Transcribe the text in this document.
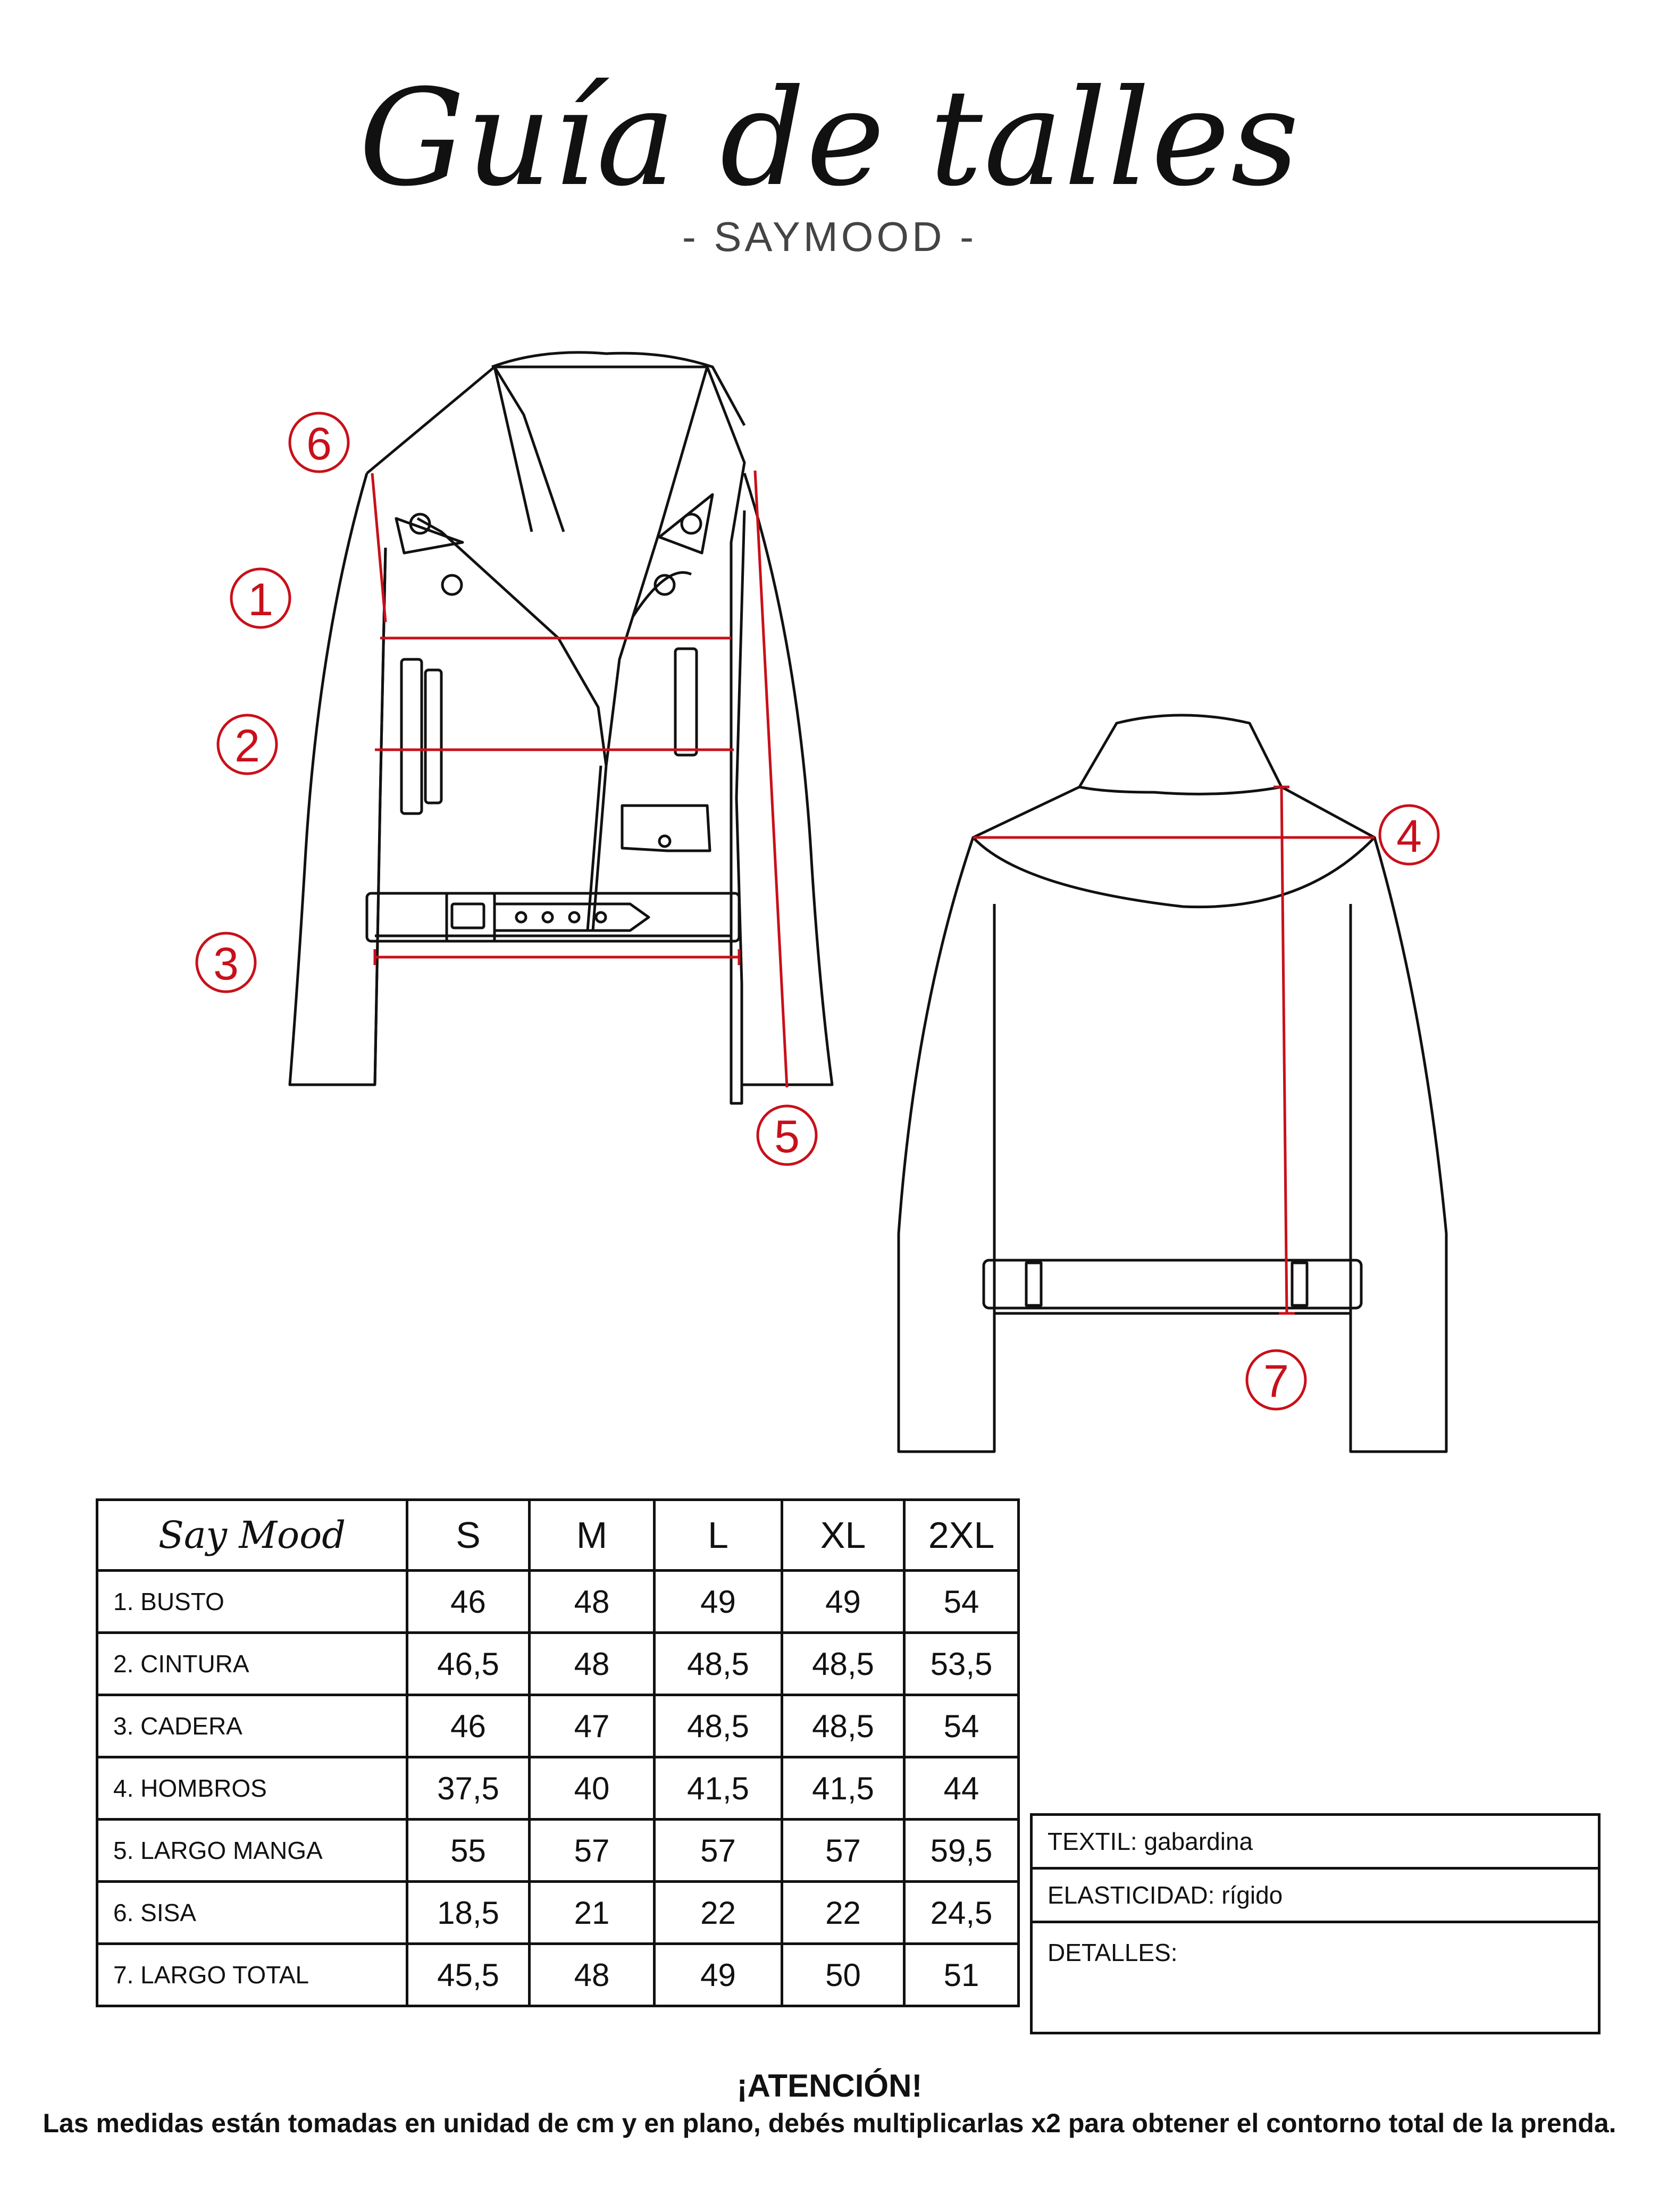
Guía de talles
- SAYMOOD -
1
2
3
5
6
4
7
Say Mood	S	M	L	XL	2XL
1. BUSTO	46	48	49	49	54
2. CINTURA	46,5	48	48,5	48,5	53,5
3. CADERA	46	47	48,5	48,5	54
4. HOMBROS	37,5	40	41,5	41,5	44
5. LARGO MANGA	55	57	57	57	59,5
6. SISA	18,5	21	22	22	24,5
7. LARGO TOTAL	45,5	48	49	50	51
TEXTIL: gabardina
ELASTICIDAD: rígido
DETALLES:
¡ATENCIÓN!
Las medidas están tomadas en unidad de cm y en plano, debés multiplicarlas x2 para obtener el contorno total de la prenda.
